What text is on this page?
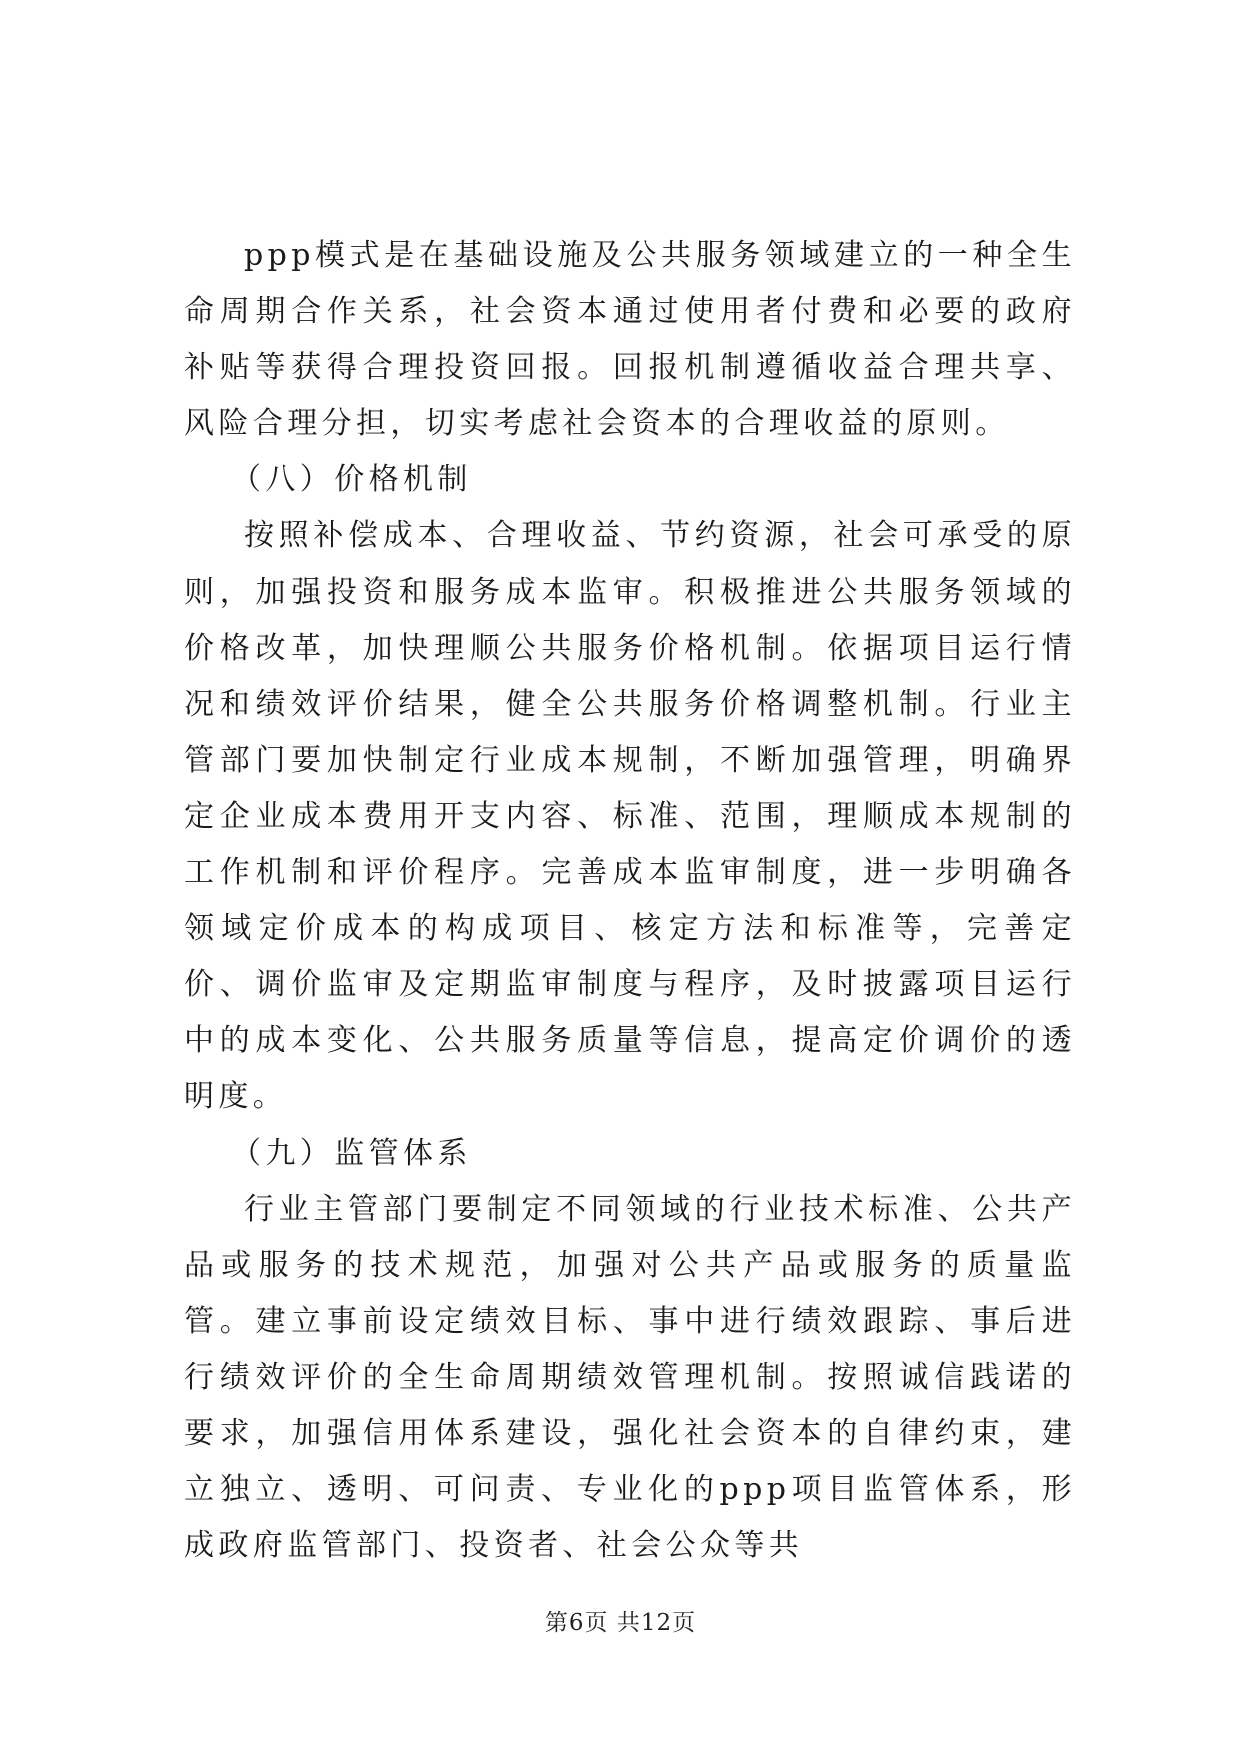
ppp模式是在基础设施及公共服务领域建立的一种全生命周期合作关系，社会资本通过使用者付费和必要的政府补贴等获得合理投资回报。回报机制遵循收益合理共享、风险合理分担，切实考虑社会资本的合理收益的原则。

（八）价格机制

按照补偿成本、合理收益、节约资源，社会可承受的原则，加强投资和服务成本监审。积极推进公共服务领域的价格改革，加快理顺公共服务价格机制。依据项目运行情况和绩效评价结果，健全公共服务价格调整机制。行业主管部门要加快制定行业成本规制，不断加强管理，明确界定企业成本费用开支内容、标准、范围，理顺成本规制的工作机制和评价程序。完善成本监审制度，进一步明确各领域定价成本的构成项目、核定方法和标准等，完善定价、调价监审及定期监审制度与程序，及时披露项目运行中的成本变化、公共服务质量等信息，提高定价调价的透明度。

（九）监管体系

行业主管部门要制定不同领域的行业技术标准、公共产品或服务的技术规范，加强对公共产品或服务的质量监管。建立事前设定绩效目标、事中进行绩效跟踪、事后进行绩效评价的全生命周期绩效管理机制。按照诚信践诺的要求，加强信用体系建设，强化社会资本的自律约束，建立独立、透明、可问责、专业化的ppp项目监管体系，形成政府监管部门、投资者、社会公众等共

第6页 共12页
